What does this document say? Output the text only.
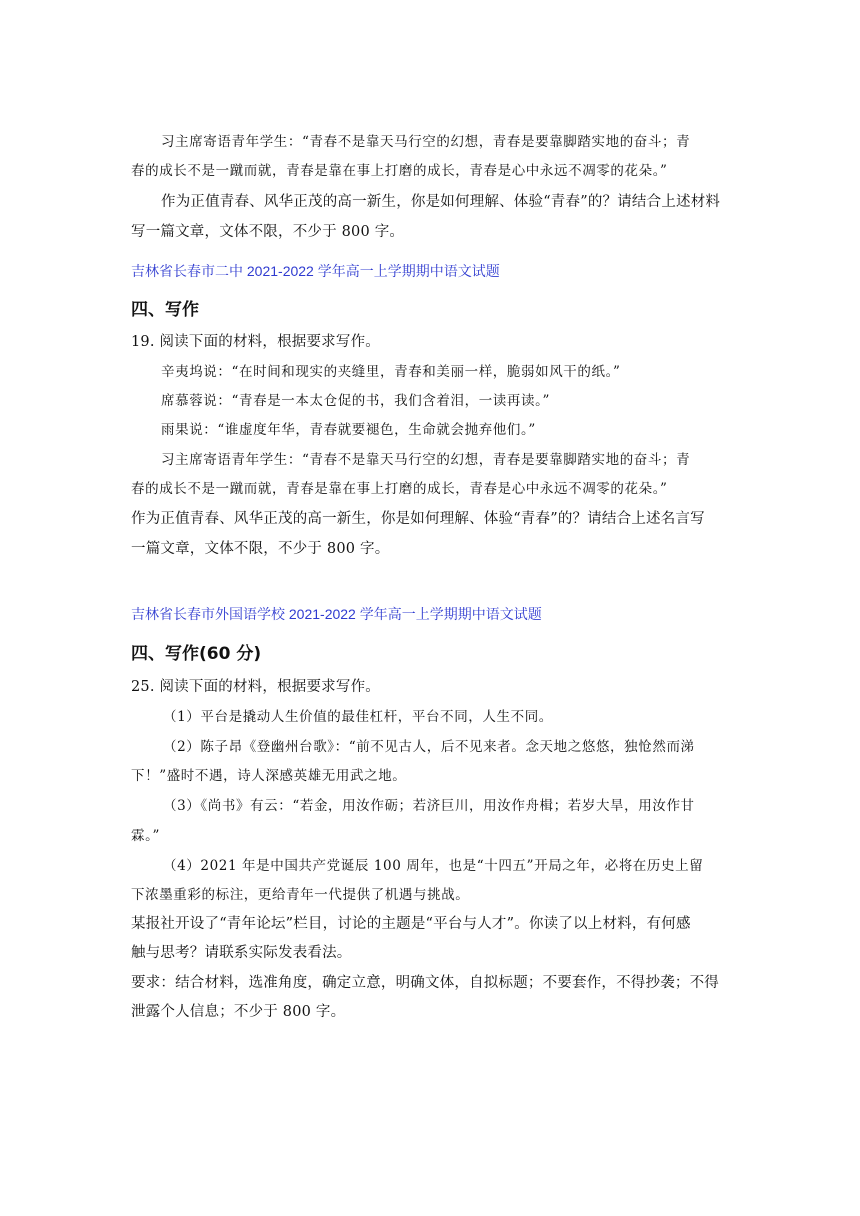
习主席寄语青年学生：“青春不是靠天马行空的幻想，青春是要靠脚踏实地的奋斗；青

春的成长不是一蹴而就，青春是靠在事上打磨的成长，青春是心中永远不凋零的花朵。”

作为正值青春、风华正茂的高一新生，你是如何理解、体验“青春”的？请结合上述材料

写一篇文章，文体不限，不少于 800 字。

吉林省长春市二中 2021-2022 学年高一上学期期中语文试题

四、写作

19. 阅读下面的材料，根据要求写作。

辛夷坞说：“在时间和现实的夹缝里，青春和美丽一样，脆弱如风干的纸。”

席慕蓉说：“青春是一本太仓促的书，我们含着泪，一读再读。”

雨果说：“谁虚度年华，青春就要褪色，生命就会抛弃他们。”

习主席寄语青年学生：“青春不是靠天马行空的幻想，青春是要靠脚踏实地的奋斗；青

春的成长不是一蹴而就，青春是靠在事上打磨的成长，青春是心中永远不凋零的花朵。”

作为正值青春、风华正茂的高一新生，你是如何理解、体验“青春”的？请结合上述名言写

一篇文章，文体不限，不少于 800 字。

吉林省长春市外国语学校 2021-2022 学年高一上学期期中语文试题

四、写作(60 分)

25. 阅读下面的材料，根据要求写作。

（1）平台是撬动人生价值的最佳杠杆，平台不同，人生不同。

（2）陈子昂《登幽州台歌》：“前不见古人，后不见来者。念天地之悠悠，独怆然而涕

下！”盛时不遇，诗人深感英雄无用武之地。

（3）《尚书》有云：“若金，用汝作砺；若济巨川，用汝作舟楫；若岁大旱，用汝作甘

霖。”

（4）2021 年是中国共产党诞辰 100 周年，也是“十四五”开局之年，必将在历史上留

下浓墨重彩的标注，更给青年一代提供了机遇与挑战。

某报社开设了“青年论坛”栏目，讨论的主题是“平台与人才”。你读了以上材料，有何感

触与思考？请联系实际发表看法。

要求：结合材料，选准角度，确定立意，明确文体，自拟标题；不要套作，不得抄袭；不得

泄露个人信息；不少于 800 字。
